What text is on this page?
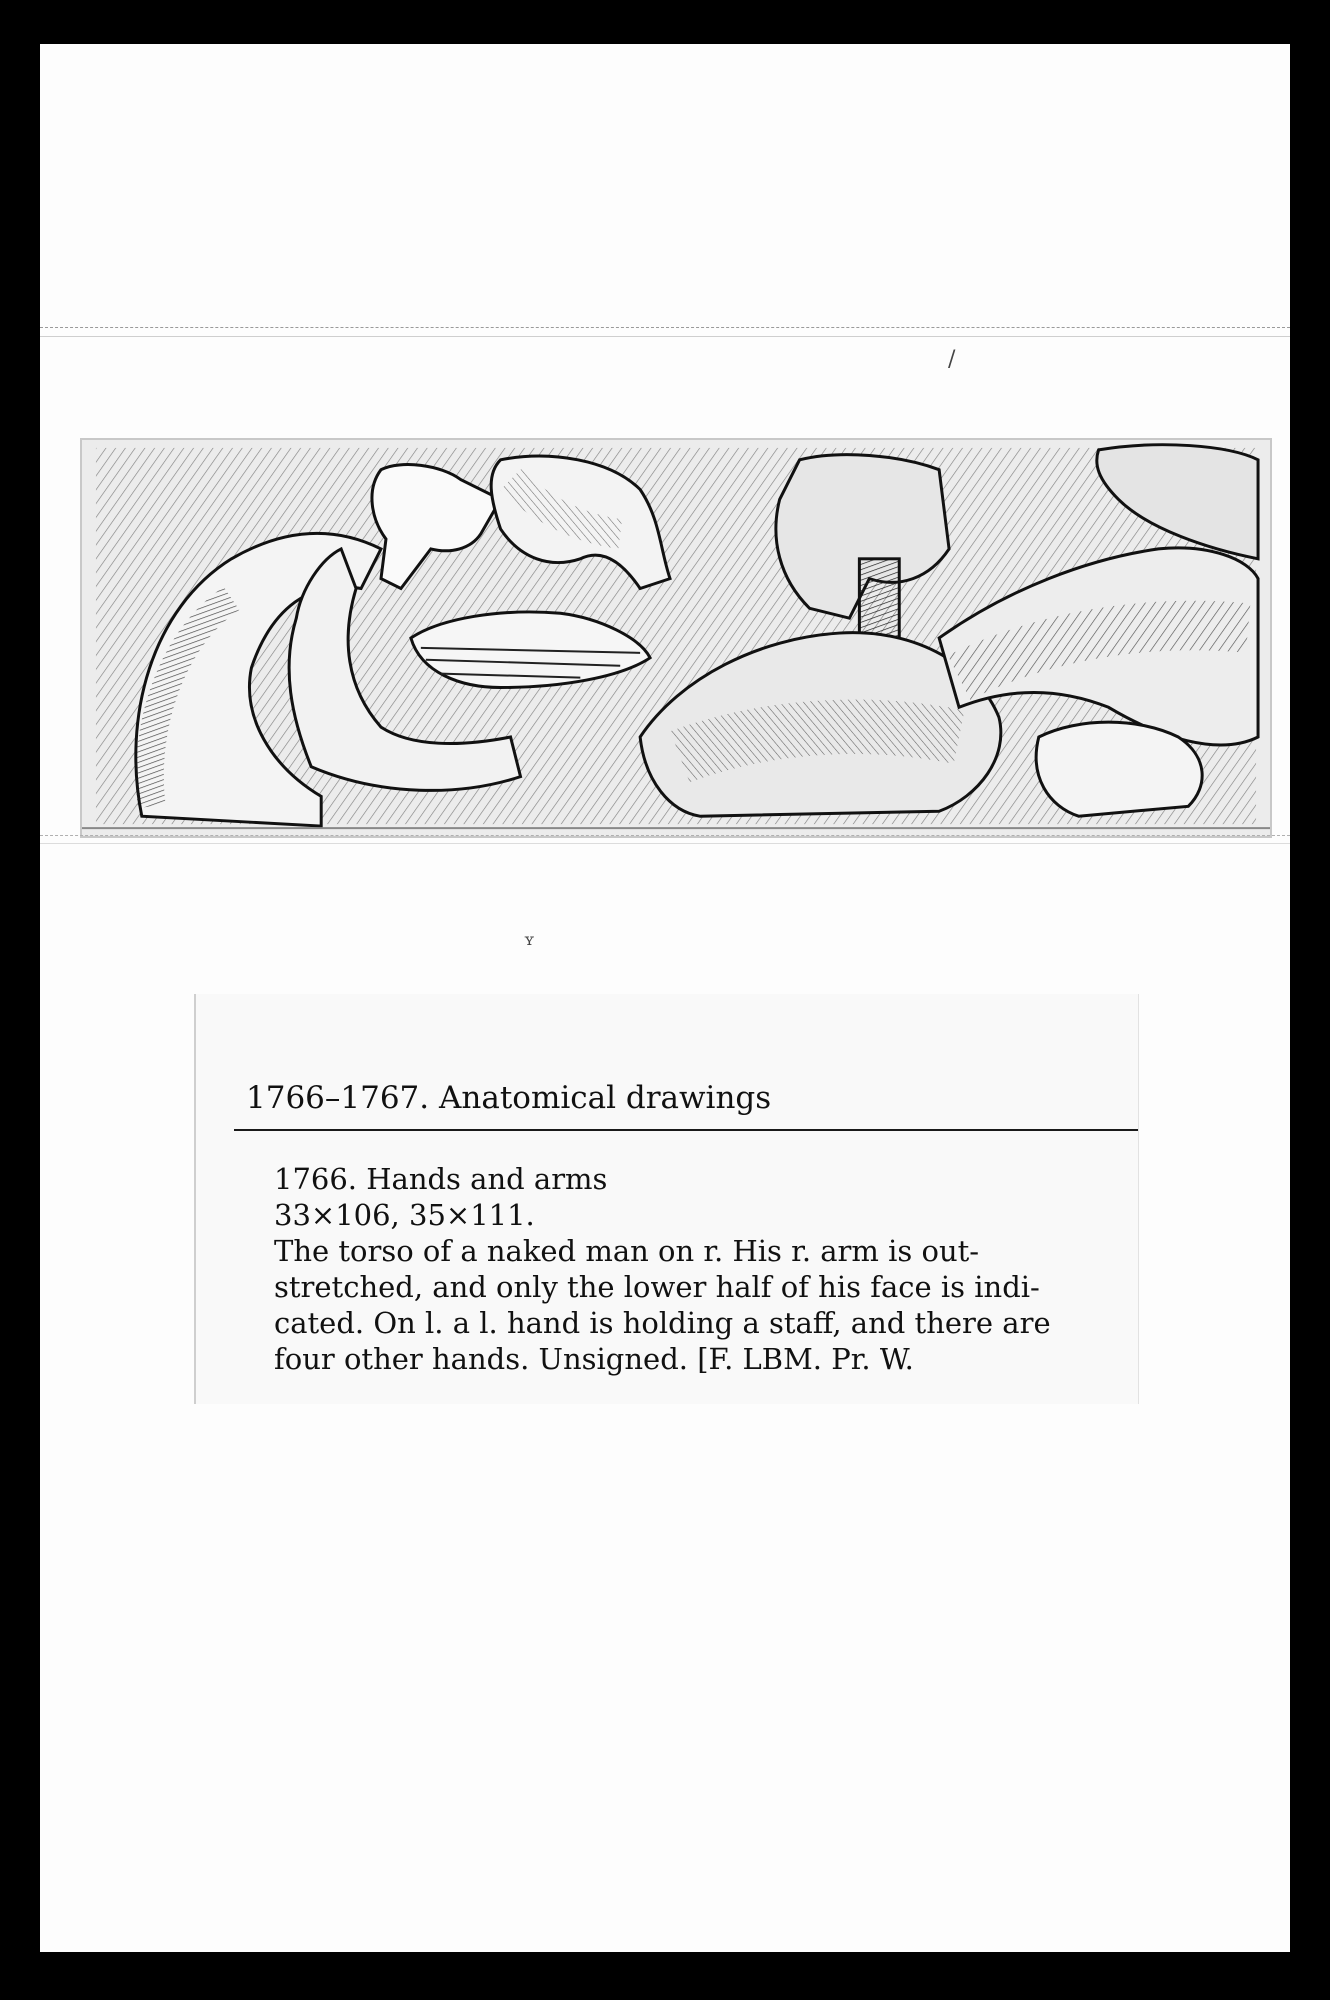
ʏ
/
1766–1767. Anatomical drawings
1766. Hands and arms
33×106, 35×111.
The torso of a naked man on r. His r. arm is out-
stretched, and only the lower half of his face is indi-
cated. On l. a l. hand is holding a staff, and there are
four other hands. Unsigned. [F. LBM. Pr. W.
